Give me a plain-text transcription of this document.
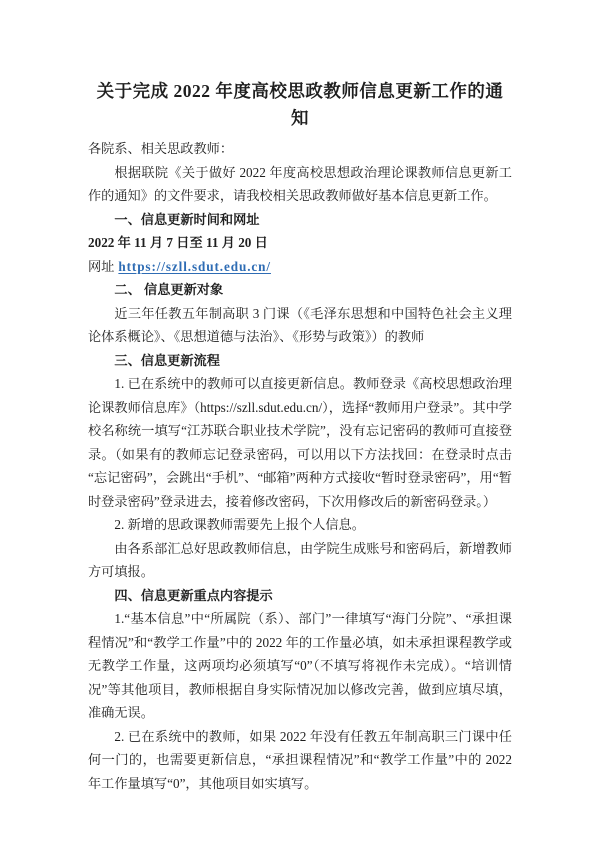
关于完成 2022 年度高校思政教师信息更新工作的通知

各院系、相关思政教师：

根据联院《关于做好 2022 年度高校思想政治理论课教师信息更新工作的通知》的文件要求，请我校相关思政教师做好基本信息更新工作。

一、信息更新时间和网址

2022 年 11 月 7 日至 11 月 20 日

网址 https://szll.sdut.edu.cn/

二、 信息更新对象

近三年任教五年制高职 3 门课（《毛泽东思想和中国特色社会主义理论体系概论》、《思想道德与法治》、《形势与政策》）的教师

三、信息更新流程

1. 已在系统中的教师可以直接更新信息。教师登录《高校思想政治理论课教师信息库》（https://szll.sdut.edu.cn/），选择“教师用户登录”。其中学校名称统一填写“江苏联合职业技术学院”，没有忘记密码的教师可直接登录。（如果有的教师忘记登录密码，可以用以下方法找回：在登录时点击“忘记密码”，会跳出“手机”、“邮箱”两种方式接收“暂时登录密码”，用“暂时登录密码”登录进去，接着修改密码，下次用修改后的新密码登录。）

2. 新增的思政课教师需要先上报个人信息。

由各系部汇总好思政教师信息，由学院生成账号和密码后，新增教师方可填报。

四、信息更新重点内容提示

1.“基本信息”中“所属院（系）、部门”一律填写“海门分院”、“承担课程情况”和“教学工作量”中的 2022 年的工作量必填，如未承担课程教学或无教学工作量，这两项均必须填写“0”（不填写将视作未完成）。“培训情况”等其他项目，教师根据自身实际情况加以修改完善，做到应填尽填，准确无误。

2. 已在系统中的教师，如果 2022 年没有任教五年制高职三门课中任何一门的，也需要更新信息，“承担课程情况”和“教学工作量”中的 2022 年工作量填写“0”，其他项目如实填写。
